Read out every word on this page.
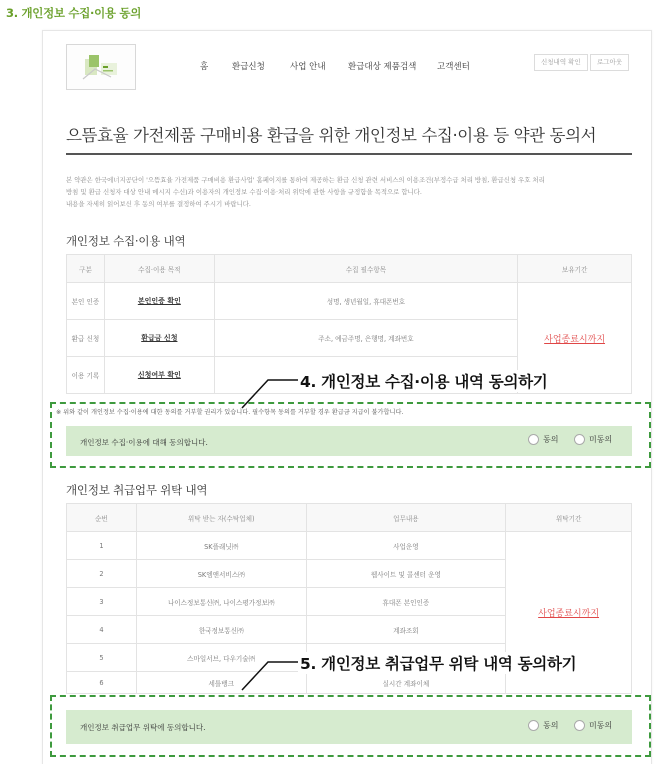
3. 개인정보 수집·이용 동의
홈	환급신청	사업 안내	환급대상 제품검색 고객센터	신청내역 확인	로그아웃
으뜸효율 가전제품 구매비용 환급을 위한 개인정보 수집·이용 등 약관 동의서

본 약관은 한국에너지공단이 '으뜸효율 가전제품 구매비용 환급사업' 홈페이지를 통하여 제공하는 환급 신청 관련 서비스의 이용조건(부정수급 처리 방침, 환급신청 우호 처리

방침 및 환급 신청자 대상 안내 메시지 수신)과 이용자의 개인정보 수집·이용·처리 위탁에 관한 사항을 규정함을 목적으로 합니다.

내용을 자세히 읽어보신 후 동의 여부를 결정하여 주시기 바랍니다.

개인정보 수집·이용 내역
구분	수집·이용 목적	수집 필수항목	보유기간
본인 인증	본인인증 확인	성명, 생년월일, 휴대폰번호	사업종료시까지
환급 신청	환급금 신청	주소, 예금주명, 은행명, 계좌번호	
이용 기록	신청여부 확인			4. 개인정보 수집·이용 내역 동의하기
※ 위와 같이 개인정보 수집·이용에 대한 동의를 거부할 권리가 있습니다. 필수항목 동의를 거부할 경우 환급금 지급이 불가합니다.
개인정보 수집·이용에 대해 동의합니다.	동의	미동의
개인정보 취급업무 위탁 내역
순번	위탁 받는 자(수탁업체)	업무내용	위탁기간
1	SK플래닛㈜	사업운영	사업종료시까지
2	SK엠앤서비스㈜	웹사이트 및 콜센터 운영	
3	나이스정보통신㈜, 나이스평가정보㈜	휴대폰 본인인증	
4	한국정보통신㈜	계좌조회	
5	스마일서브, 다우기술㈜		
6	세틀뱅크	실시간 계좌이체	
5. 개인정보 취급업무 위탁 내역 동의하기
개인정보 취급업무 위탁에 동의합니다.	동의	미동의
